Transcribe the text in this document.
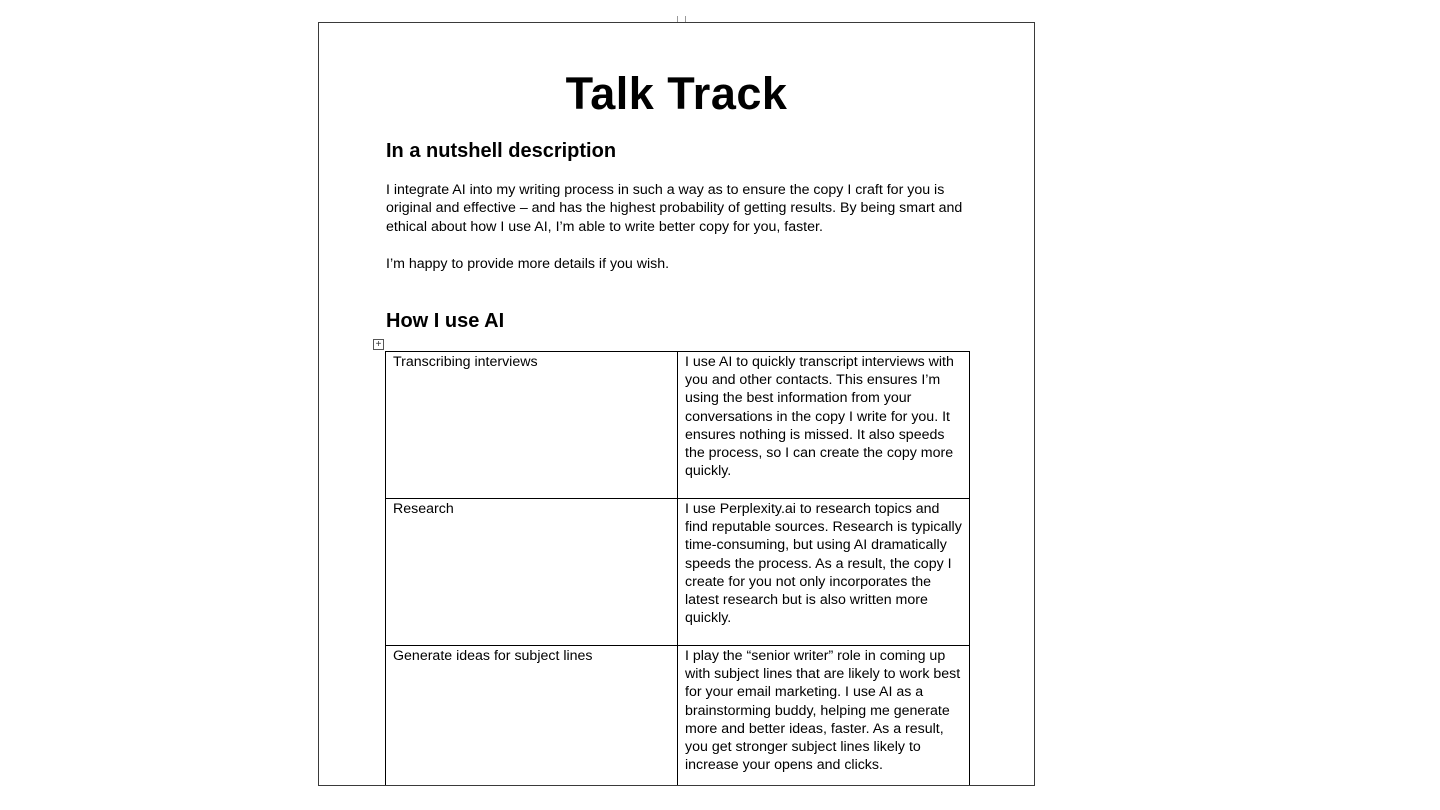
Talk Track
In a nutshell description
I integrate AI into my writing process in such a way as to ensure the copy I craft for you is original and effective – and has the highest probability of getting results. By being smart and ethical about how I use AI, I’m able to write better copy for you, faster.
I’m happy to provide more details if you wish.
How I use AI
+
Transcribing interviews	I use AI to quickly transcript interviews with you and other contacts. This ensures I’m using the best information from your conversations in the copy I write for you. It ensures nothing is missed. It also speeds the process, so I can create the copy more quickly.
Research	I use Perplexity.ai to research topics and find reputable sources. Research is typically time-consuming, but using AI dramatically speeds the process. As a result, the copy I create for you not only incorporates the latest research but is also written more quickly.
Generate ideas for subject lines	I play the “senior writer” role in coming up with subject lines that are likely to work best for your email marketing. I use AI as a brainstorming buddy, helping me generate more and better ideas, faster. As a result, you get stronger subject lines likely to increase your opens and clicks.
